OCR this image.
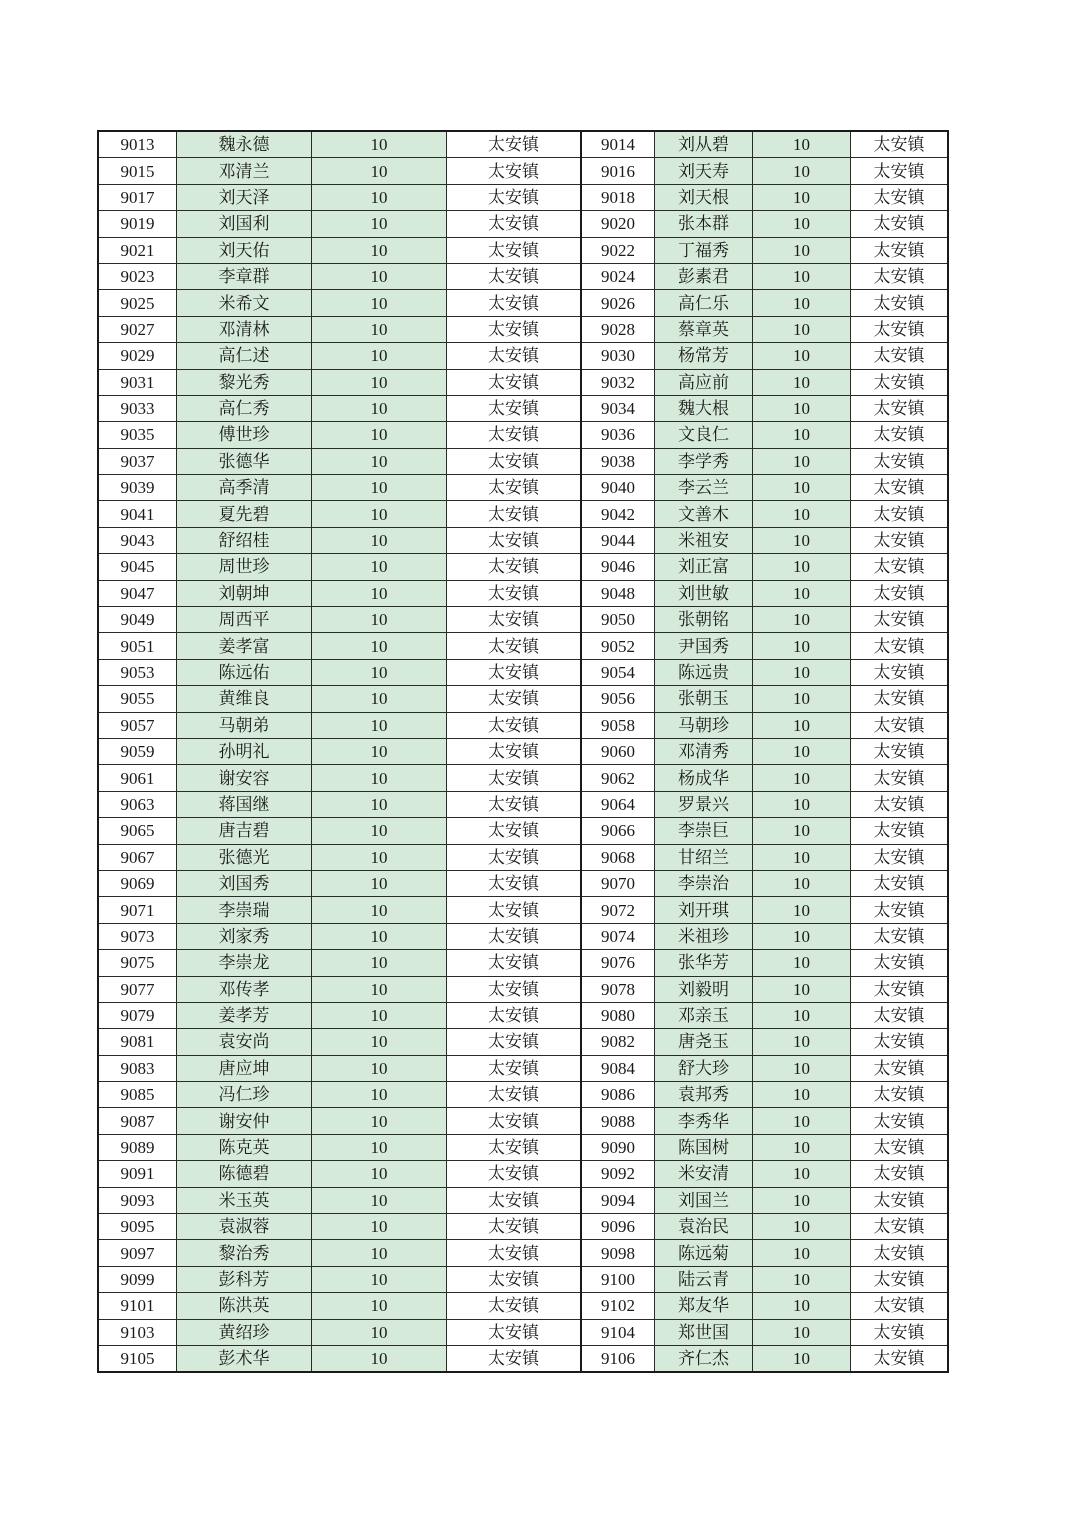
9013	魏永德	10	太安镇	9014	刘从碧	10	太安镇
9015	邓清兰	10	太安镇	9016	刘天寿	10	太安镇
9017	刘天泽	10	太安镇	9018	刘天根	10	太安镇
9019	刘国利	10	太安镇	9020	张本群	10	太安镇
9021	刘天佑	10	太安镇	9022	丁福秀	10	太安镇
9023	李章群	10	太安镇	9024	彭素君	10	太安镇
9025	米希文	10	太安镇	9026	高仁乐	10	太安镇
9027	邓清林	10	太安镇	9028	蔡章英	10	太安镇
9029	高仁述	10	太安镇	9030	杨常芳	10	太安镇
9031	黎光秀	10	太安镇	9032	高应前	10	太安镇
9033	高仁秀	10	太安镇	9034	魏大根	10	太安镇
9035	傅世珍	10	太安镇	9036	文良仁	10	太安镇
9037	张德华	10	太安镇	9038	李学秀	10	太安镇
9039	高季清	10	太安镇	9040	李云兰	10	太安镇
9041	夏先碧	10	太安镇	9042	文善木	10	太安镇
9043	舒绍桂	10	太安镇	9044	米祖安	10	太安镇
9045	周世珍	10	太安镇	9046	刘正富	10	太安镇
9047	刘朝坤	10	太安镇	9048	刘世敏	10	太安镇
9049	周西平	10	太安镇	9050	张朝铭	10	太安镇
9051	姜孝富	10	太安镇	9052	尹国秀	10	太安镇
9053	陈远佑	10	太安镇	9054	陈远贵	10	太安镇
9055	黄维良	10	太安镇	9056	张朝玉	10	太安镇
9057	马朝弟	10	太安镇	9058	马朝珍	10	太安镇
9059	孙明礼	10	太安镇	9060	邓清秀	10	太安镇
9061	谢安容	10	太安镇	9062	杨成华	10	太安镇
9063	蒋国继	10	太安镇	9064	罗景兴	10	太安镇
9065	唐吉碧	10	太安镇	9066	李崇巨	10	太安镇
9067	张德光	10	太安镇	9068	甘绍兰	10	太安镇
9069	刘国秀	10	太安镇	9070	李崇治	10	太安镇
9071	李崇瑞	10	太安镇	9072	刘开琪	10	太安镇
9073	刘家秀	10	太安镇	9074	米祖珍	10	太安镇
9075	李崇龙	10	太安镇	9076	张华芳	10	太安镇
9077	邓传孝	10	太安镇	9078	刘毅明	10	太安镇
9079	姜孝芳	10	太安镇	9080	邓亲玉	10	太安镇
9081	袁安尚	10	太安镇	9082	唐尧玉	10	太安镇
9083	唐应坤	10	太安镇	9084	舒大珍	10	太安镇
9085	冯仁珍	10	太安镇	9086	袁邦秀	10	太安镇
9087	谢安仲	10	太安镇	9088	李秀华	10	太安镇
9089	陈克英	10	太安镇	9090	陈国树	10	太安镇
9091	陈德碧	10	太安镇	9092	米安清	10	太安镇
9093	米玉英	10	太安镇	9094	刘国兰	10	太安镇
9095	袁淑蓉	10	太安镇	9096	袁治民	10	太安镇
9097	黎治秀	10	太安镇	9098	陈远菊	10	太安镇
9099	彭科芳	10	太安镇	9100	陆云青	10	太安镇
9101	陈洪英	10	太安镇	9102	郑友华	10	太安镇
9103	黄绍珍	10	太安镇	9104	郑世国	10	太安镇
9105	彭术华	10	太安镇	9106	齐仁杰	10	太安镇
